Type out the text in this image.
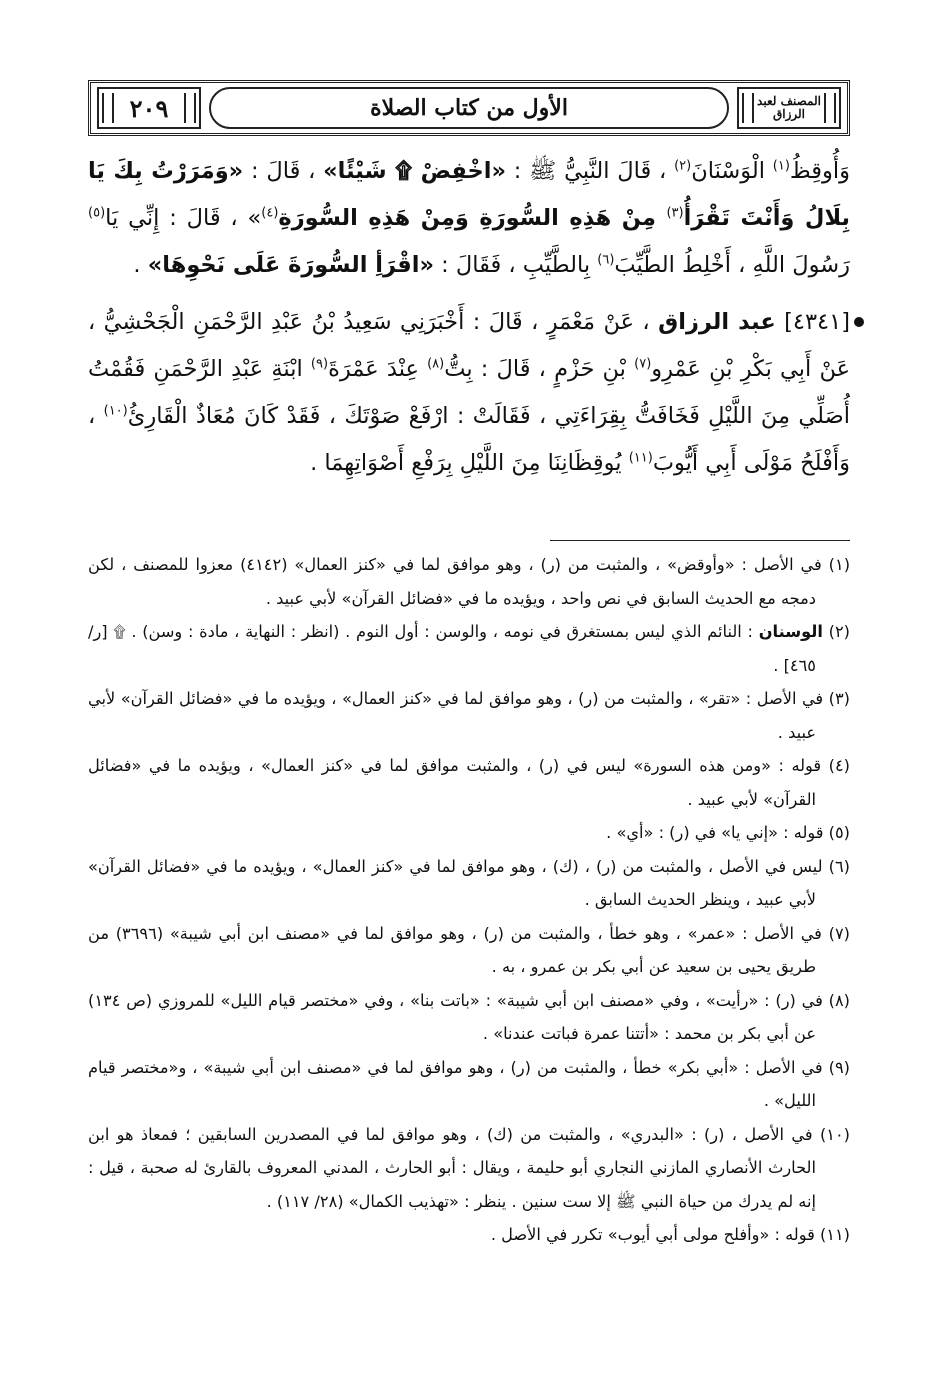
٢٠٩	الأول من كتاب الصلاة	المصنف لعبد الرزاق

وَأُوقِظُ$^{(١)}$ الْوَسْنَانَ$^{(٢)}$ ، قَالَ النَّبِيُّ ﷺ : «اخْفِضْ ۩ شَيْئًا» ، قَالَ : «وَمَرَرْتُ بِكَ يَا بِلَالُ وَأَنْتَ تَقْرَأُ$^{(٣)}$ مِنْ هَذِهِ السُّورَةِ وَمِنْ هَذِهِ السُّورَةِ$^{(٤)}$» ، قَالَ : إِنِّي يَا$^{(٥)}$ رَسُولَ اللَّهِ ، أَخْلِطُ الطَّيِّبَ$^{(٦)}$ بِالطَّيِّبِ ، فَقَالَ : «اقْرَأِ السُّورَةَ عَلَى نَحْوِهَا» .

[٤٣٤١] عبد الرزاق ، عَنْ مَعْمَرٍ ، قَالَ : أَخْبَرَنِي سَعِيدُ بْنُ عَبْدِ الرَّحْمَنِ الْجَحْشِيُّ ، عَنْ أَبِي بَكْرِ بْنِ عَمْرِو$^{(٧)}$ بْنِ حَزْمٍ ، قَالَ : بِتُّ$^{(٨)}$ عِنْدَ عَمْرَةَ$^{(٩)}$ ابْنَةِ عَبْدِ الرَّحْمَنِ فَقُمْتُ أُصَلِّي مِنَ اللَّيْلِ فَخَافَتُّ بِقِرَاءَتِي ، فَقَالَتْ : ارْفَعْ صَوْتَكَ ، فَقَدْ كَانَ مُعَاذٌ الْقَارِئُ$^{(١٠)}$ ، وَأَفْلَحُ مَوْلَى أَبِي أَيُّوبَ$^{(١١)}$ يُوقِظَانِنَا مِنَ اللَّيْلِ بِرَفْعِ أَصْوَاتِهِمَا .

(١) في الأصل : «وأوقض» ، والمثبت من (ر) ، وهو موافق لما في «كنز العمال» (٤١٤٢) معزوا للمصنف ، لكن دمجه مع الحديث السابق في نص واحد ، ويؤيده ما في «فضائل القرآن» لأبي عبيد .

(٢) الوسنان : النائم الذي ليس بمستغرق في نومه ، والوسن : أول النوم . (انظر : النهاية ، مادة : وسن) . ۩ [ر/ ٤٦٥] .

(٣) في الأصل : «تقر» ، والمثبت من (ر) ، وهو موافق لما في «كنز العمال» ، ويؤيده ما في «فضائل القرآن» لأبي عبيد .

(٤) قوله : «ومن هذه السورة» ليس في (ر) ، والمثبت موافق لما في «كنز العمال» ، ويؤيده ما في «فضائل القرآن» لأبي عبيد .

(٥) قوله : «إني يا» في (ر) : «أي» .

(٦) ليس في الأصل ، والمثبت من (ر) ، (ك) ، وهو موافق لما في «كنز العمال» ، ويؤيده ما في «فضائل القرآن» لأبي عبيد ، وينظر الحديث السابق .

(٧) في الأصل : «عمر» ، وهو خطأ ، والمثبت من (ر) ، وهو موافق لما في «مصنف ابن أبي شيبة» (٣٦٩٦) من طريق يحيى بن سعيد عن أبي بكر بن عمرو ، به .

(٨) في (ر) : «رأيت» ، وفي «مصنف ابن أبي شيبة» : «باتت بنا» ، وفي «مختصر قيام الليل» للمروزي (ص ١٣٤) عن أبي بكر بن محمد : «أتتنا عمرة فباتت عندنا» .

(٩) في الأصل : «أبي بكر» خطأ ، والمثبت من (ر) ، وهو موافق لما في «مصنف ابن أبي شيبة» ، و«مختصر قيام الليل» .

(١٠) في الأصل ، (ر) : «البدري» ، والمثبت من (ك) ، وهو موافق لما في المصدرين السابقين ؛ فمعاذ هو ابن الحارث الأنصاري المازني النجاري أبو حليمة ، ويقال : أبو الحارث ، المدني المعروف بالقارئ له صحبة ، قيل : إنه لم يدرك من حياة النبي ﷺ إلا ست سنين . ينظر : «تهذيب الكمال» (٢٨/ ١١٧) .

(١١) قوله : «وأفلح مولى أبي أيوب» تكرر في الأصل .
